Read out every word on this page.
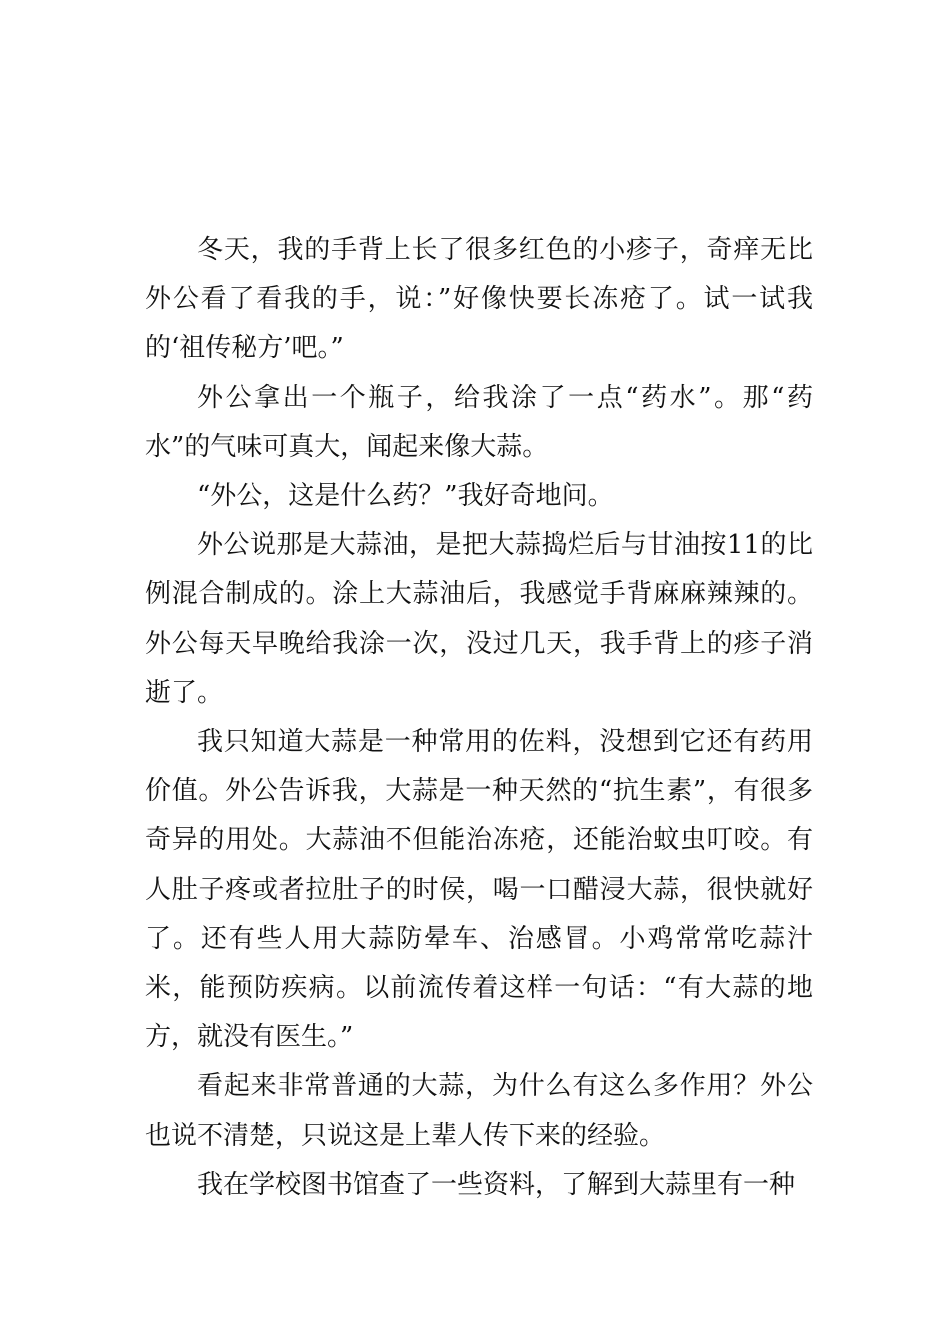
冬天，我的手背上长了很多红色的小疹子，奇痒无比外公看了看我的手，说：”好像快要长冻疮了。试一试我的‘祖传秘方’吧。”

外公拿出一个瓶子，给我涂了一点“药水”。那“药水”的气味可真大，闻起来像大蒜。

“外公，这是什么药？”我好奇地问。

外公说那是大蒜油，是把大蒜捣烂后与甘油按11的比例混合制成的。涂上大蒜油后，我感觉手背麻麻辣辣的。外公每天早晚给我涂一次，没过几天，我手背上的疹子消逝了。

我只知道大蒜是一种常用的佐料，没想到它还有药用价值。外公告诉我，大蒜是一种天然的“抗生素”，有很多奇异的用处。大蒜油不但能治冻疮，还能治蚊虫叮咬。有人肚子疼或者拉肚子的时侯，喝一口醋浸大蒜，很快就好了。还有些人用大蒜防晕车、治感冒。小鸡常常吃蒜汁米，能预防疾病。以前流传着这样一句话：“有大蒜的地方，就没有医生。”

看起来非常普通的大蒜，为什么有这么多作用？外公也说不清楚，只说这是上辈人传下来的经验。

我在学校图书馆查了一些资料，了解到大蒜里有一种
